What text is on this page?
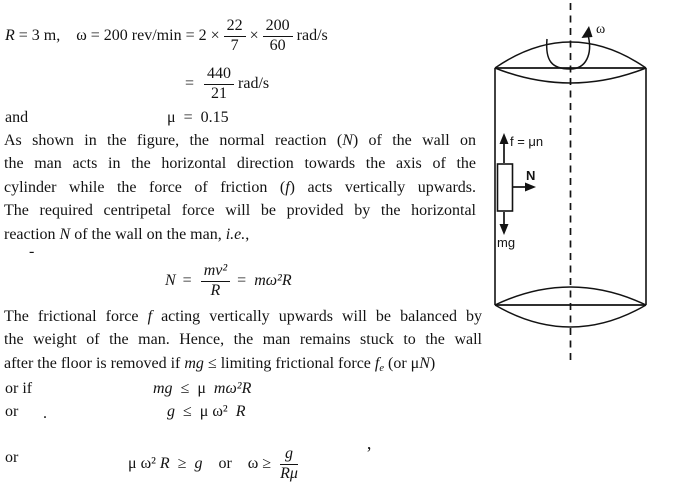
R = 3 m, ω = 200 $rev/\min = 2 \times \frac{22}{7} \times \frac{200}{60} rad/s$
= $\frac{440}{21} rad/s$
and	μ  =  0.15
As shown in the figure, the normal reaction (N) of the wall on
the man acts in the horizontal direction towards the axis of the
cylinder while the force of friction (f) acts vertically upwards.
The required centripetal force will be provided by the horizontal
reaction N of the wall on the man, i.e.,
-
$N = \frac{\text{mv²}}{R} = m\omega^2R$
The frictional force f acting vertically upwards will be balanced by
the weight of the man. Hence, the man remains stuck to the wall
after the floor is removed if mg ≤ limiting frictional force $f_e$ (or μN)
or if	mg  ≤  μ  mω²R
or .	g  ≤  μ ω²  R
or	μ ω² R  ≥  g or $\omega \ge \frac{g}{R\mu}$	’
ω
f = μn
N
mg
